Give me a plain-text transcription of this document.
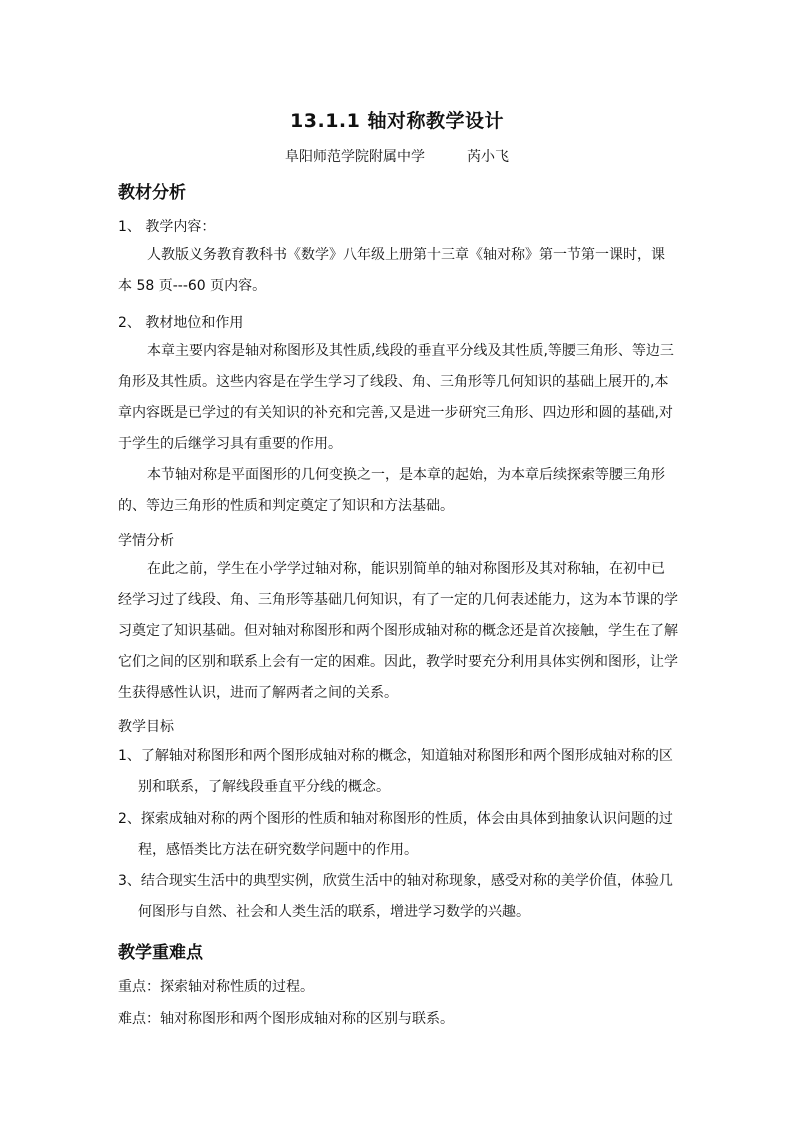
13.1.1 轴对称教学设计
阜阳师范学院附属中学	芮小飞
教材分析
1、 教学内容：
人教版义务教育教科书《数学》八年级上册第十三章《轴对称》第一节第一课时，课本 58 页---60 页内容。
2、 教材地位和作用
本章主要内容是轴对称图形及其性质,线段的垂直平分线及其性质,等腰三角形、等边三角形及其性质。这些内容是在学生学习了线段、角、三角形等几何知识的基础上展开的,本章内容既是已学过的有关知识的补充和完善,又是进一步研究三角形、四边形和圆的基础,对于学生的后继学习具有重要的作用。
本节轴对称是平面图形的几何变换之一，是本章的起始，为本章后续探索等腰三角形的、等边三角形的性质和判定奠定了知识和方法基础。
学情分析
在此之前，学生在小学学过轴对称，能识别简单的轴对称图形及其对称轴，在初中已经学习过了线段、角、三角形等基础几何知识，有了一定的几何表述能力，这为本节课的学习奠定了知识基础。但对轴对称图形和两个图形成轴对称的概念还是首次接触，学生在了解它们之间的区别和联系上会有一定的困难。因此，教学时要充分利用具体实例和图形，让学生获得感性认识，进而了解两者之间的关系。
教学目标
1、了解轴对称图形和两个图形成轴对称的概念，知道轴对称图形和两个图形成轴对称的区别和联系，了解线段垂直平分线的概念。
2、探索成轴对称的两个图形的性质和轴对称图形的性质，体会由具体到抽象认识问题的过程，感悟类比方法在研究数学问题中的作用。
3、结合现实生活中的典型实例，欣赏生活中的轴对称现象，感受对称的美学价值，体验几何图形与自然、社会和人类生活的联系，增进学习数学的兴趣。
教学重难点
重点：探索轴对称性质的过程。
难点：轴对称图形和两个图形成轴对称的区别与联系。
